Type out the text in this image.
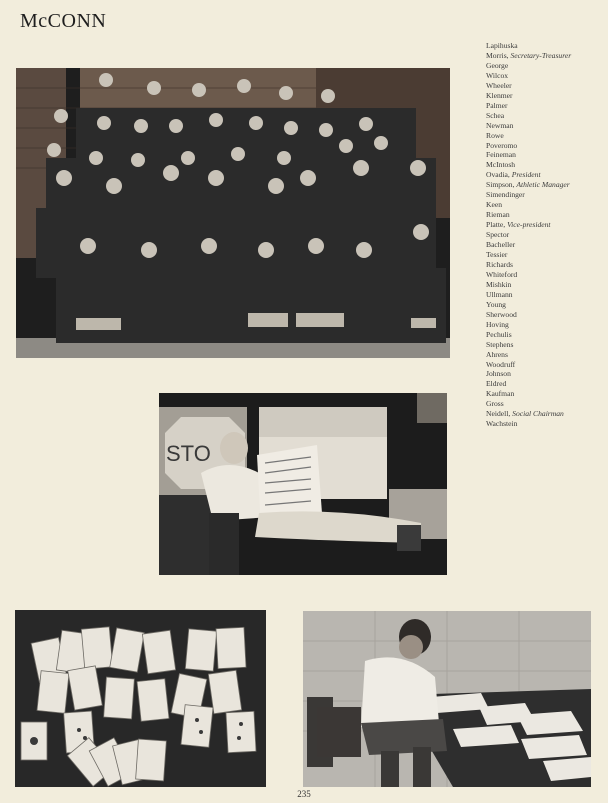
McCONN
Lapihuska
Morris, Secretary-Treasurer
George
Wilcox
Wheeler
Klenmer
Palmer
Schea
Newman
Rowe
Poveromo
Feineman
McIntosh
Ovadia, President
Simpson, Athletic Manager
Simendinger
Keen
Rieman
Platte, Vice-president
Spector
Bacheller
Tessier
Richards
Whiteford
Mishkin
Ullmann
Young
Sherwood
Hoving
Pechulis
Stephens
Ahrens
Woodruff
Johnson
Eldred
Kaufman
Gross
Neidell, Social Chairman
Wachstein
STO
235
